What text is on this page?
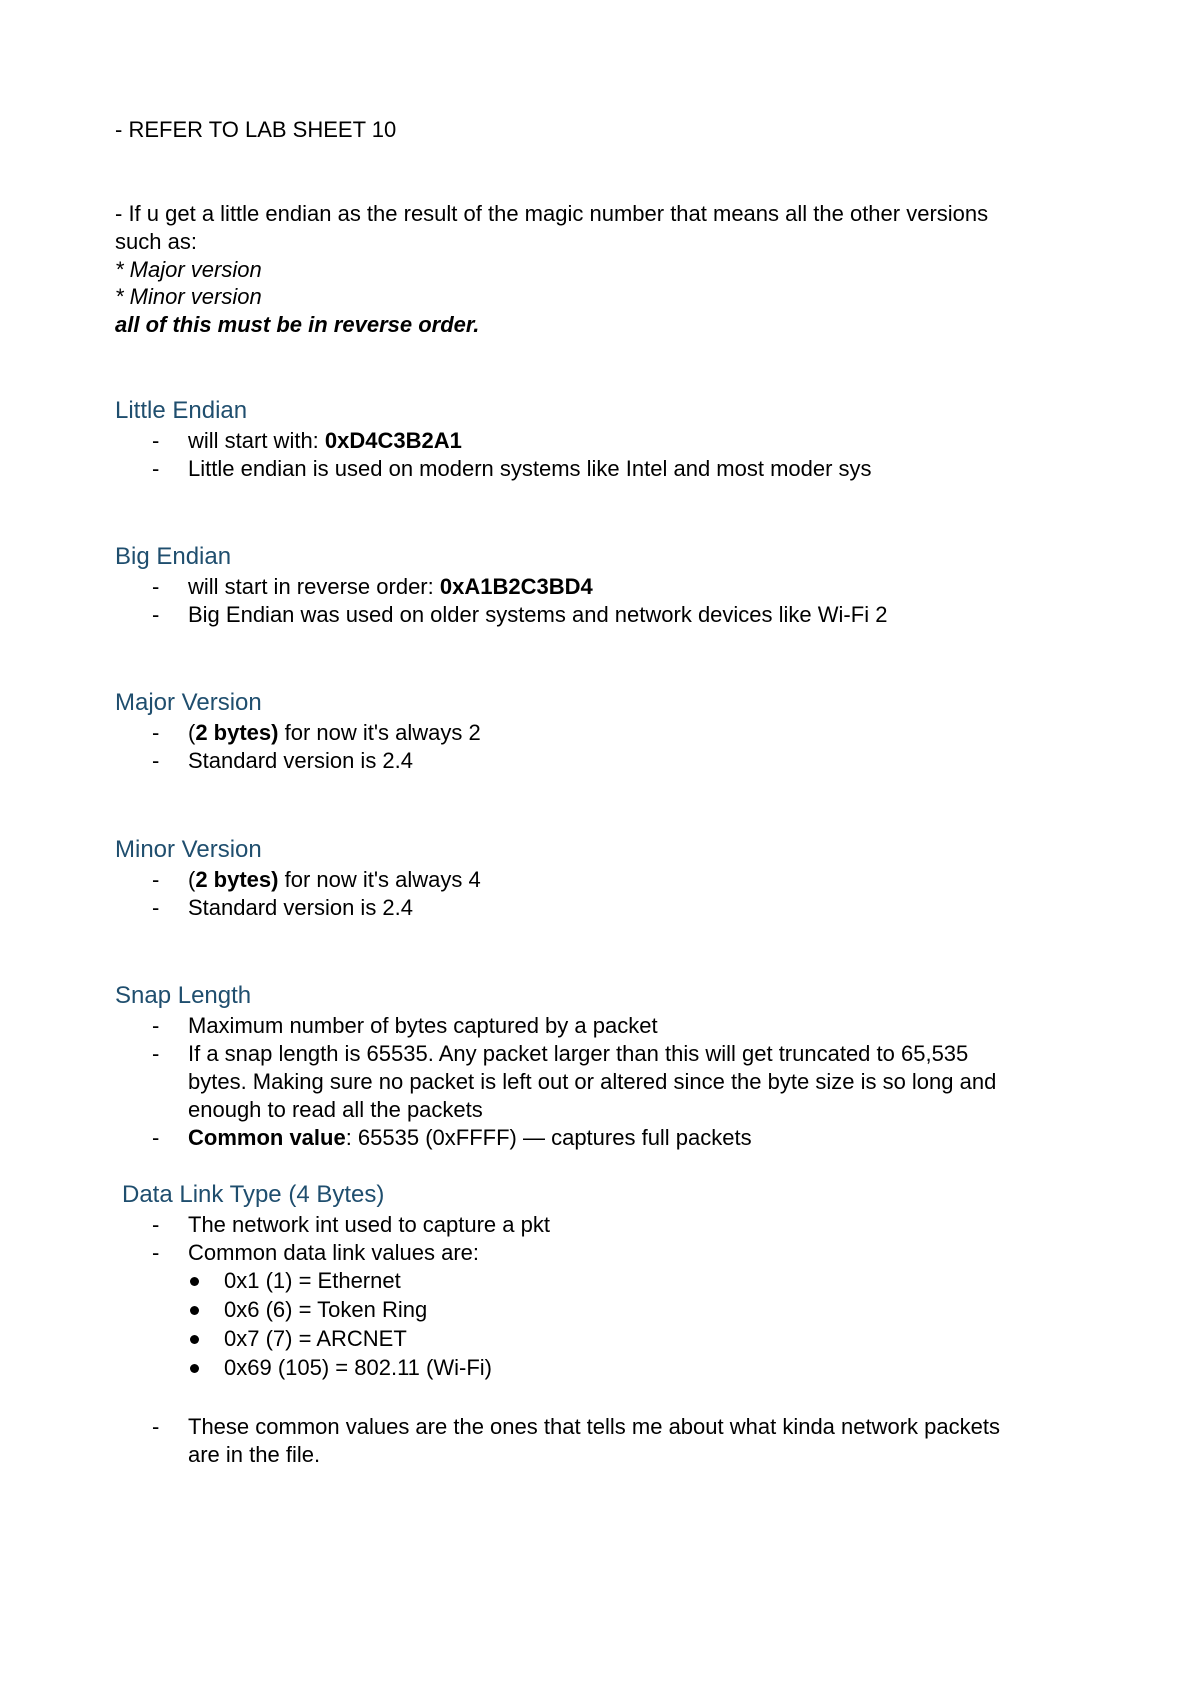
- REFER TO LAB SHEET 10
- If u get a little endian as the result of the magic number that means all the other versions
such as:
* Major version
* Minor version
all of this must be in reverse order.
Little Endian
- will start with: 0xD4C3B2A1
- Little endian is used on modern systems like Intel and most moder sys
Big Endian
- will start in reverse order: 0xA1B2C3BD4
- Big Endian was used on older systems and network devices like Wi-Fi 2
Major Version
- (2 bytes) for now it's always 2
- Standard version is 2.4
Minor Version
- (2 bytes) for now it's always 4
- Standard version is 2.4
Snap Length
- Maximum number of bytes captured by a packet
- If a snap length is 65535. Any packet larger than this will get truncated to 65,535
bytes. Making sure no packet is left out or altered since the byte size is so long and
enough to read all the packets
- Common value: 65535 (0xFFFF) — captures full packets
Data Link Type (4 Bytes)
- The network int used to capture a pkt
- Common data link values are:
0x1 (1) = Ethernet
0x6 (6) = Token Ring
0x7 (7) = ARCNET
0x69 (105) = 802.11 (Wi-Fi)
- These common values are the ones that tells me about what kinda network packets
are in the file.
